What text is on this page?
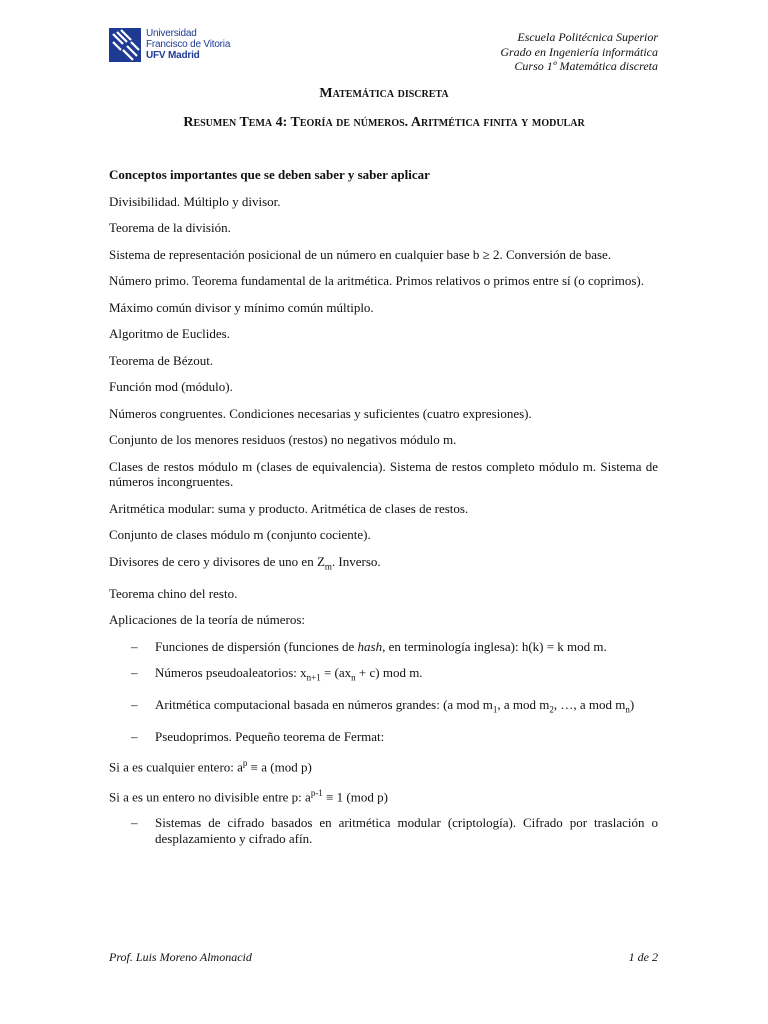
Universidad
Francisco de Vitoria
UFV Madrid
Escuela Politécnica Superior
Grado en Ingeniería informática
Curso 1º Matemática discreta
Matemática discreta
Resumen Tema 4: Teoría de números. Aritmética finita y modular

Conceptos importantes que se deben saber y saber aplicar

Divisibilidad. Múltiplo y divisor.

Teorema de la división.

Sistema de representación posicional de un número en cualquier base b ≥ 2. Conversión de base.

Número primo. Teorema fundamental de la aritmética. Primos relativos o primos entre sí (o coprimos).

Máximo común divisor y mínimo común múltiplo.

Algoritmo de Euclides.

Teorema de Bézout.

Función mod (módulo).

Números congruentes. Condiciones necesarias y suficientes (cuatro expresiones).

Conjunto de los menores residuos (restos) no negativos módulo m.

Clases de restos módulo m (clases de equivalencia). Sistema de restos completo módulo m. Sistema de números incongruentes.

Aritmética modular: suma y producto. Aritmética de clases de restos.

Conjunto de clases módulo m (conjunto cociente).

Divisores de cero y divisores de uno en $Z_m$. Inverso.

Teorema chino del resto.

Aplicaciones de la teoría de números:

– Funciones de dispersión (funciones de hash, en terminología inglesa): h(k) = k mod m.
– Números pseudoaleatorios: $x_{n+1} = (ax_n + c)$ mod m.
– Aritmética computacional basada en números grandes: (a mod $m_1$, a mod $m_2$, …, a mod $m_n$)
– Pseudoprimos. Pequeño teorema de Fermat:

Si a es cualquier entero: $a^p \equiv a$ (mod p)

Si a es un entero no divisible entre p: $a^{p-1} \equiv 1$ (mod p)

– Sistemas de cifrado basados en aritmética modular (criptología). Cifrado por traslación o desplazamiento y cifrado afín.
Prof. Luis Moreno Almonacid	1 de 2
